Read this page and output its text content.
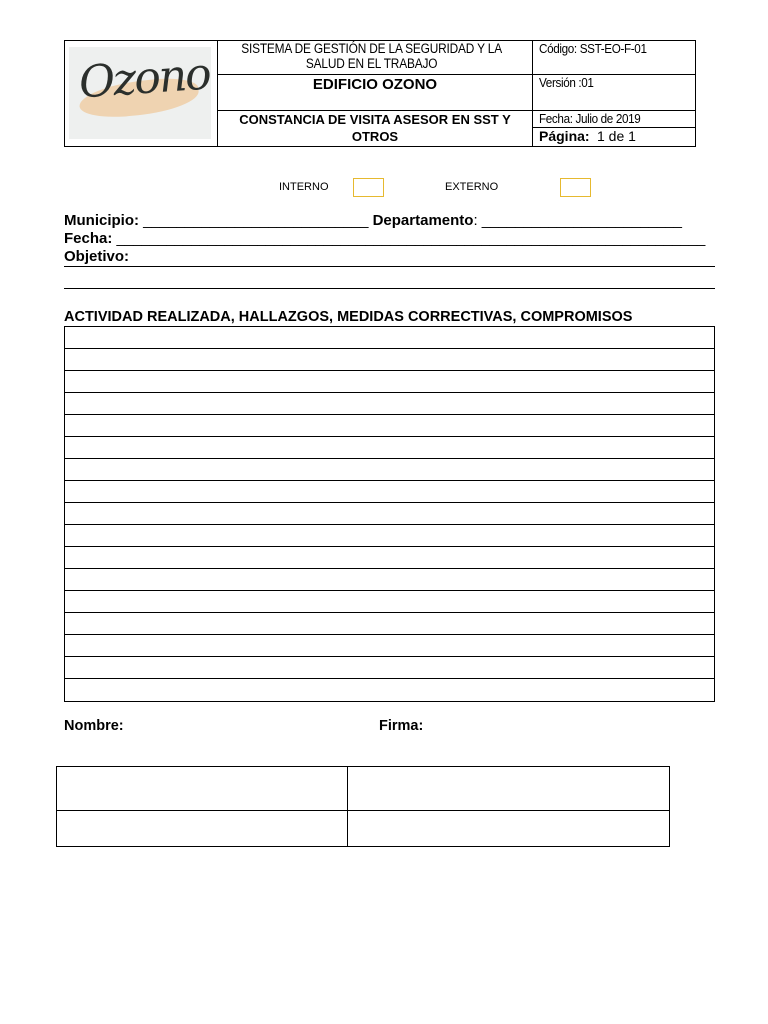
Ozono
SISTEMA DE GESTIÓN DE LA SEGURIDAD Y LA SALUD EN EL TRABAJO
EDIFICIO OZONO
CONSTANCIA DE VISITA ASESOR EN SST Y
OTROS
Código: SST-EO-F-01
Versión :01
Fecha: Julio de 2019
Página: 1 de 1
INTERNO	EXTERNO
Municipio: ___________________________ Departamento: ________________________
Fecha: _______________________________________________________________________
Objetivo:
ACTIVIDAD REALIZADA, HALLAZGOS, MEDIDAS CORRECTIVAS, COMPROMISOS
Nombre:	Firma:
